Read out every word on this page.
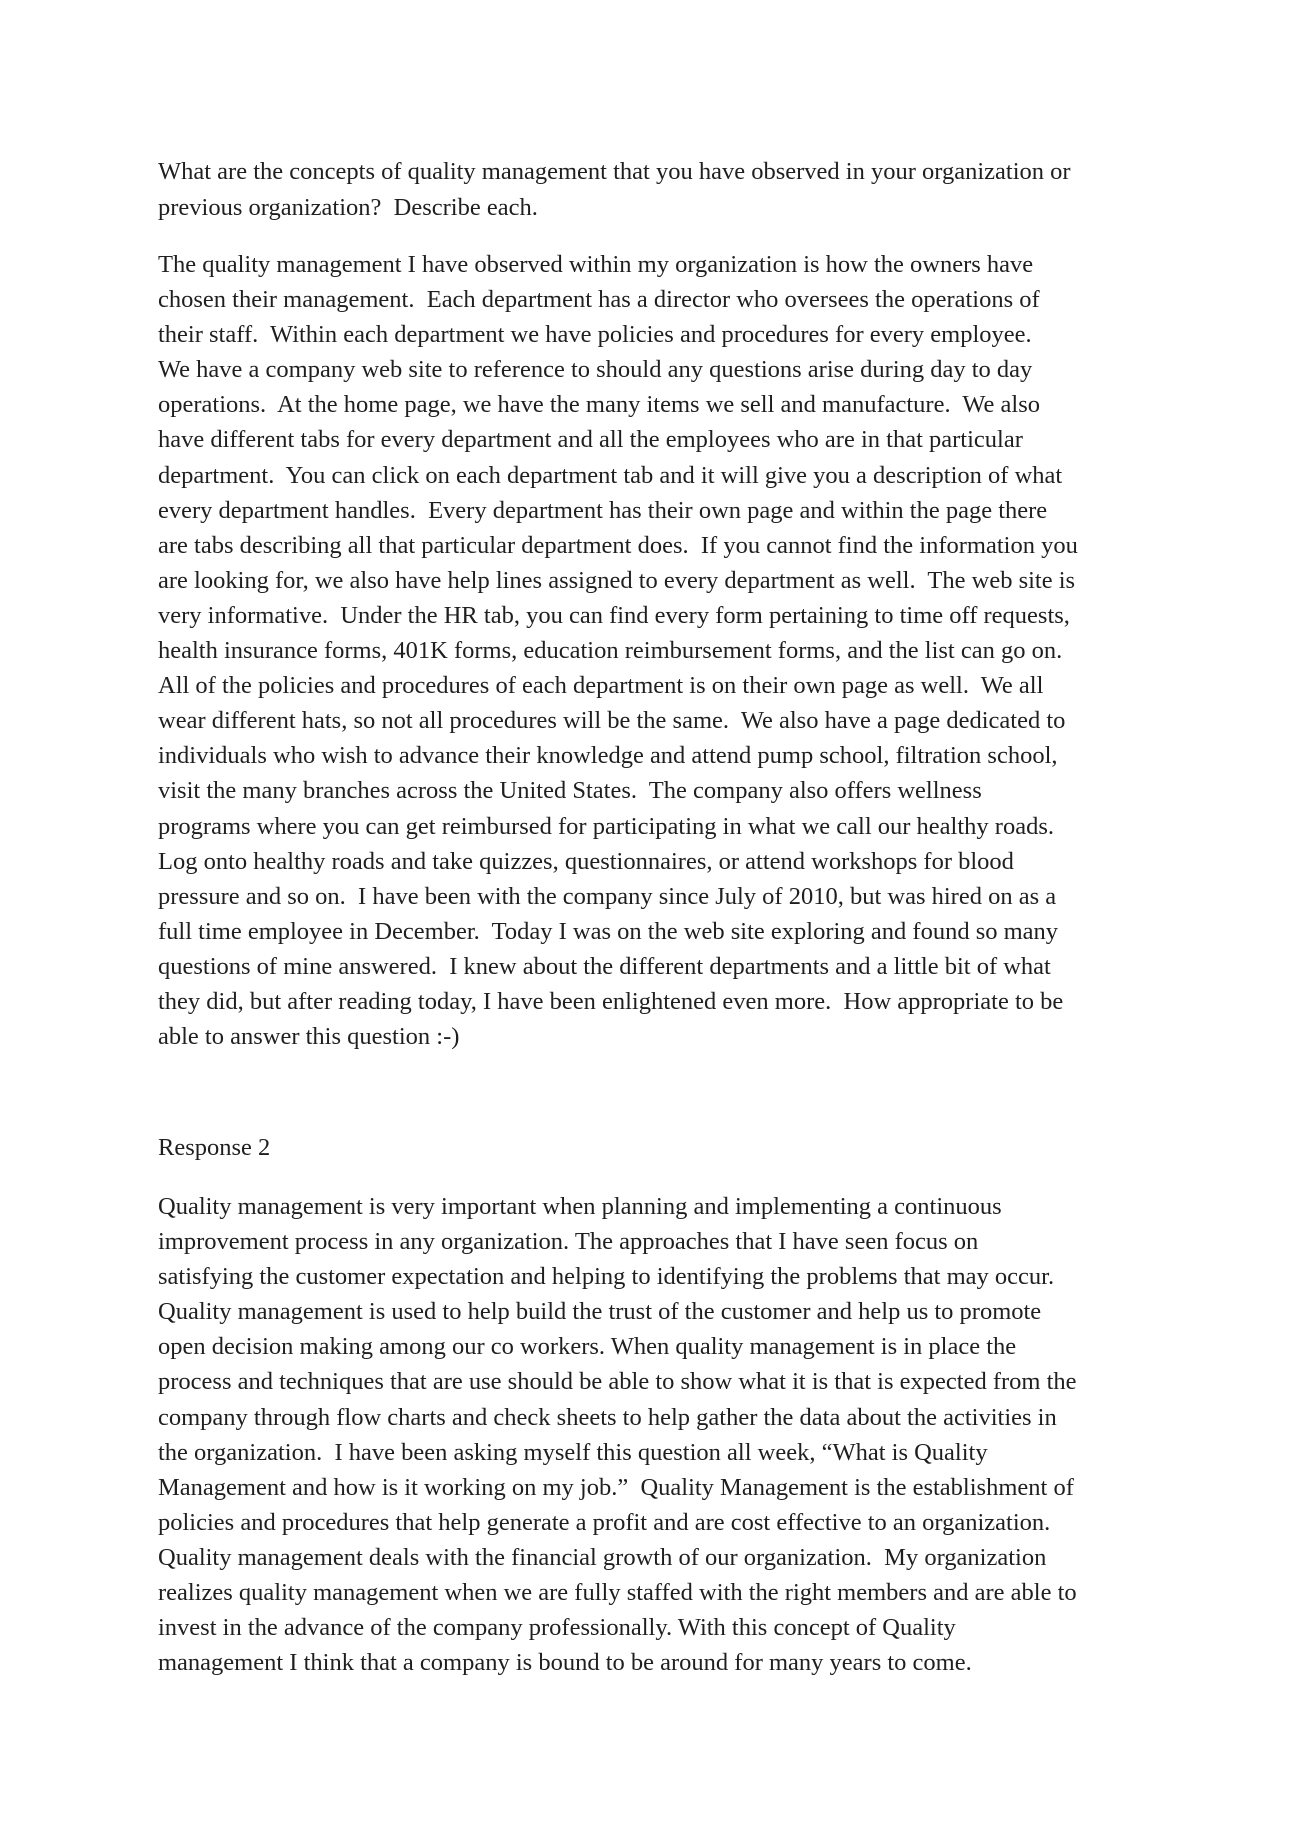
What are the concepts of quality management that you have observed in your organization or
previous organization?  Describe each.

The quality management I have observed within my organization is how the owners have
chosen their management.  Each department has a director who oversees the operations of
their staff.  Within each department we have policies and procedures for every employee.
We have a company web site to reference to should any questions arise during day to day
operations.  At the home page, we have the many items we sell and manufacture.  We also
have different tabs for every department and all the employees who are in that particular
department.  You can click on each department tab and it will give you a description of what
every department handles.  Every department has their own page and within the page there
are tabs describing all that particular department does.  If you cannot find the information you
are looking for, we also have help lines assigned to every department as well.  The web site is
very informative.  Under the HR tab, you can find every form pertaining to time off requests,
health insurance forms, 401K forms, education reimbursement forms, and the list can go on.
All of the policies and procedures of each department is on their own page as well.  We all
wear different hats, so not all procedures will be the same.  We also have a page dedicated to
individuals who wish to advance their knowledge and attend pump school, filtration school,
visit the many branches across the United States.  The company also offers wellness
programs where you can get reimbursed for participating in what we call our healthy roads.
Log onto healthy roads and take quizzes, questionnaires, or attend workshops for blood
pressure and so on.  I have been with the company since July of 2010, but was hired on as a
full time employee in December.  Today I was on the web site exploring and found so many
questions of mine answered.  I knew about the different departments and a little bit of what
they did, but after reading today, I have been enlightened even more.  How appropriate to be
able to answer this question :-)

Response 2

Quality management is very important when planning and implementing a continuous
improvement process in any organization. The approaches that I have seen focus on
satisfying the customer expectation and helping to identifying the problems that may occur.
Quality management is used to help build the trust of the customer and help us to promote
open decision making among our co workers. When quality management is in place the
process and techniques that are use should be able to show what it is that is expected from the
company through flow charts and check sheets to help gather the data about the activities in
the organization.  I have been asking myself this question all week, “What is Quality
Management and how is it working on my job.”  Quality Management is the establishment of
policies and procedures that help generate a profit and are cost effective to an organization.
Quality management deals with the financial growth of our organization.  My organization
realizes quality management when we are fully staffed with the right members and are able to
invest in the advance of the company professionally. With this concept of Quality
management I think that a company is bound to be around for many years to come.
